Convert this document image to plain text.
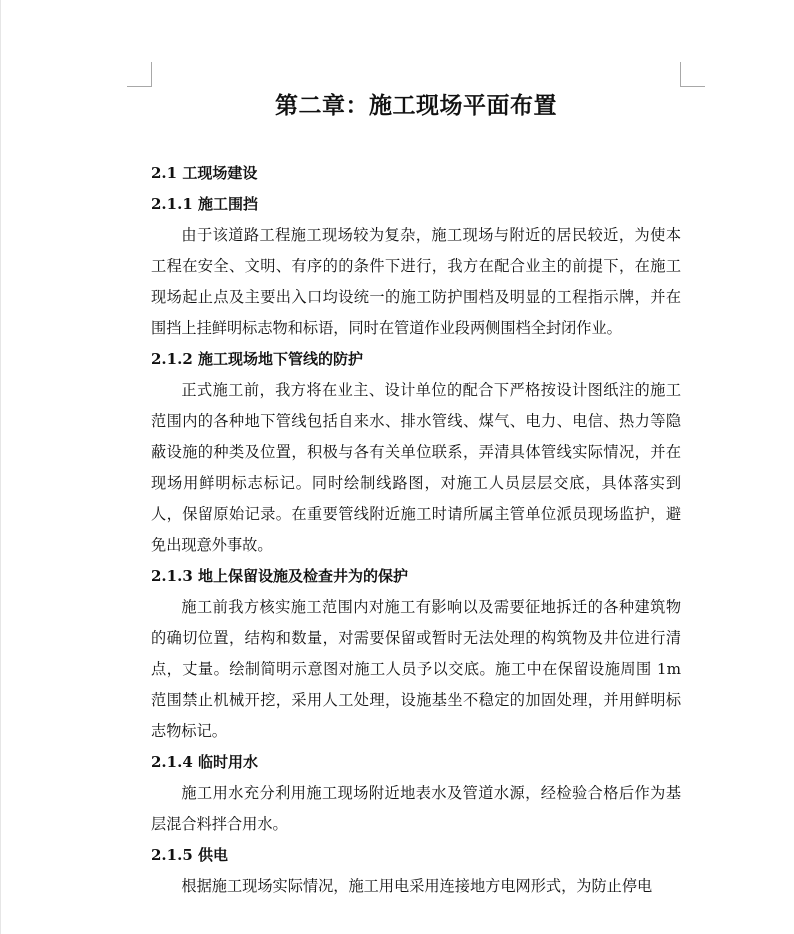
第二章：施工现场平面布置

2.1 工现场建设

2.1.1 施工围挡

由于该道路工程施工现场较为复杂，施工现场与附近的居民较近，为使本工程在安全、文明、有序的的条件下进行，我方在配合业主的前提下，在施工现场起止点及主要出入口均设统一的施工防护围档及明显的工程指示牌，并在围挡上挂鲜明标志物和标语，同时在管道作业段两侧围档全封闭作业。

2.1.2 施工现场地下管线的防护

正式施工前，我方将在业主、设计单位的配合下严格按设计图纸注的施工范围内的各种地下管线包括自来水、排水管线、煤气、电力、电信、热力等隐蔽设施的种类及位置，积极与各有关单位联系，弄清具体管线实际情况，并在现场用鲜明标志标记。同时绘制线路图，对施工人员层层交底，具体落实到人，保留原始记录。在重要管线附近施工时请所属主管单位派员现场监护，避免出现意外事故。

2.1.3 地上保留设施及检查井为的保护

施工前我方核实施工范围内对施工有影响以及需要征地拆迁的各种建筑物的确切位置，结构和数量，对需要保留或暂时无法处理的构筑物及井位进行清点，丈量。绘制简明示意图对施工人员予以交底。施工中在保留设施周围 1m 范围禁止机械开挖，采用人工处理，设施基坐不稳定的加固处理，并用鲜明标志物标记。

2.1.4 临时用水

施工用水充分利用施工现场附近地表水及管道水源，经检验合格后作为基层混合料拌合用水。

2.1.5 供电

根据施工现场实际情况，施工用电采用连接地方电网形式，为防止停电
